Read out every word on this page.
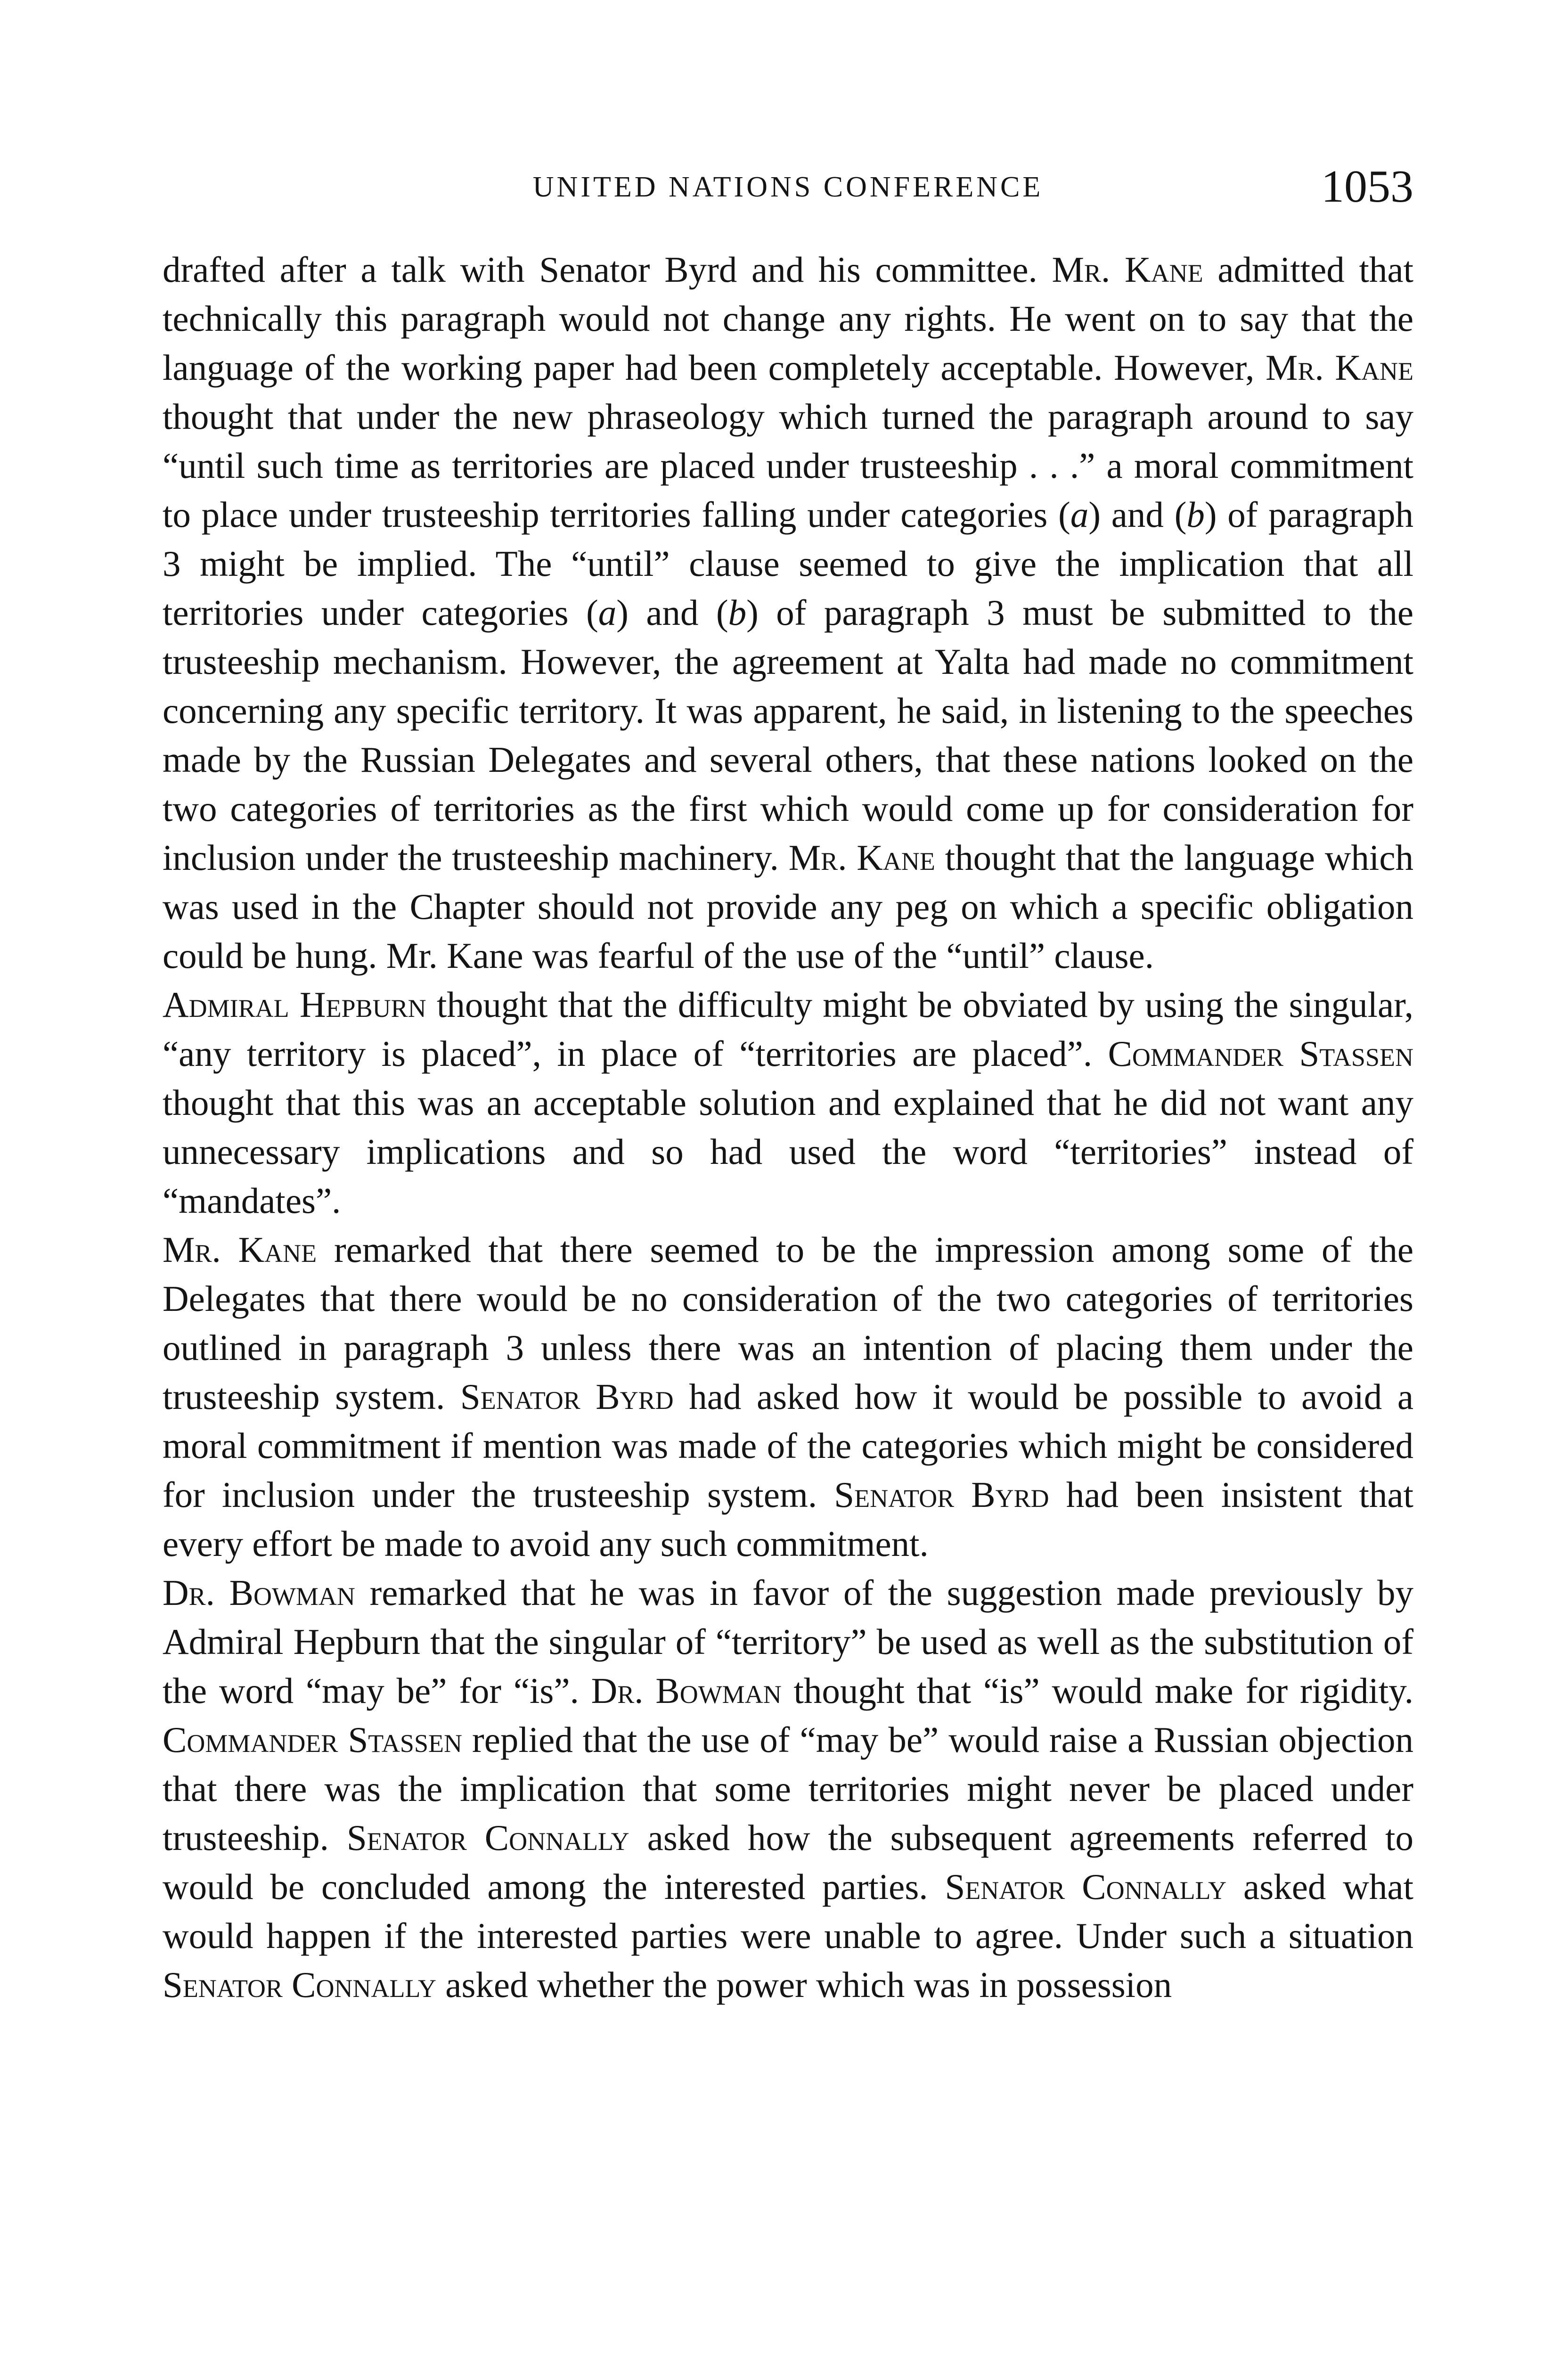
UNITED NATIONS CONFERENCE	1053

drafted after a talk with Senator Byrd and his committee. Mr. Kane admitted that technically this paragraph would not change any rights. He went on to say that the language of the working paper had been completely acceptable. However, Mr. Kane thought that under the new phraseology which turned the paragraph around to say “until such time as territories are placed under trusteeship . . .” a moral commitment to place under trusteeship territories falling under categories (a) and (b) of paragraph 3 might be implied. The “until” clause seemed to give the implication that all territories under categories (a) and (b) of paragraph 3 must be submitted to the trusteeship mechanism. However, the agreement at Yalta had made no commitment concerning any specific territory. It was apparent, he said, in listening to the speeches made by the Russian Delegates and several others, that these nations looked on the two categories of territories as the first which would come up for consideration for inclusion under the trusteeship machinery. Mr. Kane thought that the language which was used in the Chapter should not provide any peg on which a specific obligation could be hung. Mr. Kane was fearful of the use of the “until” clause.

Admiral Hepburn thought that the difficulty might be obviated by using the singular, “any territory is placed”, in place of “territories are placed”. Commander Stassen thought that this was an acceptable solution and explained that he did not want any unnecessary implications and so had used the word “territories” instead of “mandates”.

Mr. Kane remarked that there seemed to be the impression among some of the Delegates that there would be no consideration of the two categories of territories outlined in paragraph 3 unless there was an intention of placing them under the trusteeship system. Senator Byrd had asked how it would be possible to avoid a moral commitment if mention was made of the categories which might be considered for inclusion under the trusteeship system. Senator Byrd had been insistent that every effort be made to avoid any such commitment.

Dr. Bowman remarked that he was in favor of the suggestion made previously by Admiral Hepburn that the singular of “territory” be used as well as the substitution of the word “may be” for “is”. Dr. Bowman thought that “is” would make for rigidity. Commander Stassen replied that the use of “may be” would raise a Russian objection that there was the implication that some territories might never be placed under trusteeship. Senator Connally asked how the subsequent agreements referred to would be concluded among the interested parties. Senator Connally asked what would happen if the interested parties were unable to agree. Under such a situation Senator Connally asked whether the power which was in possession
